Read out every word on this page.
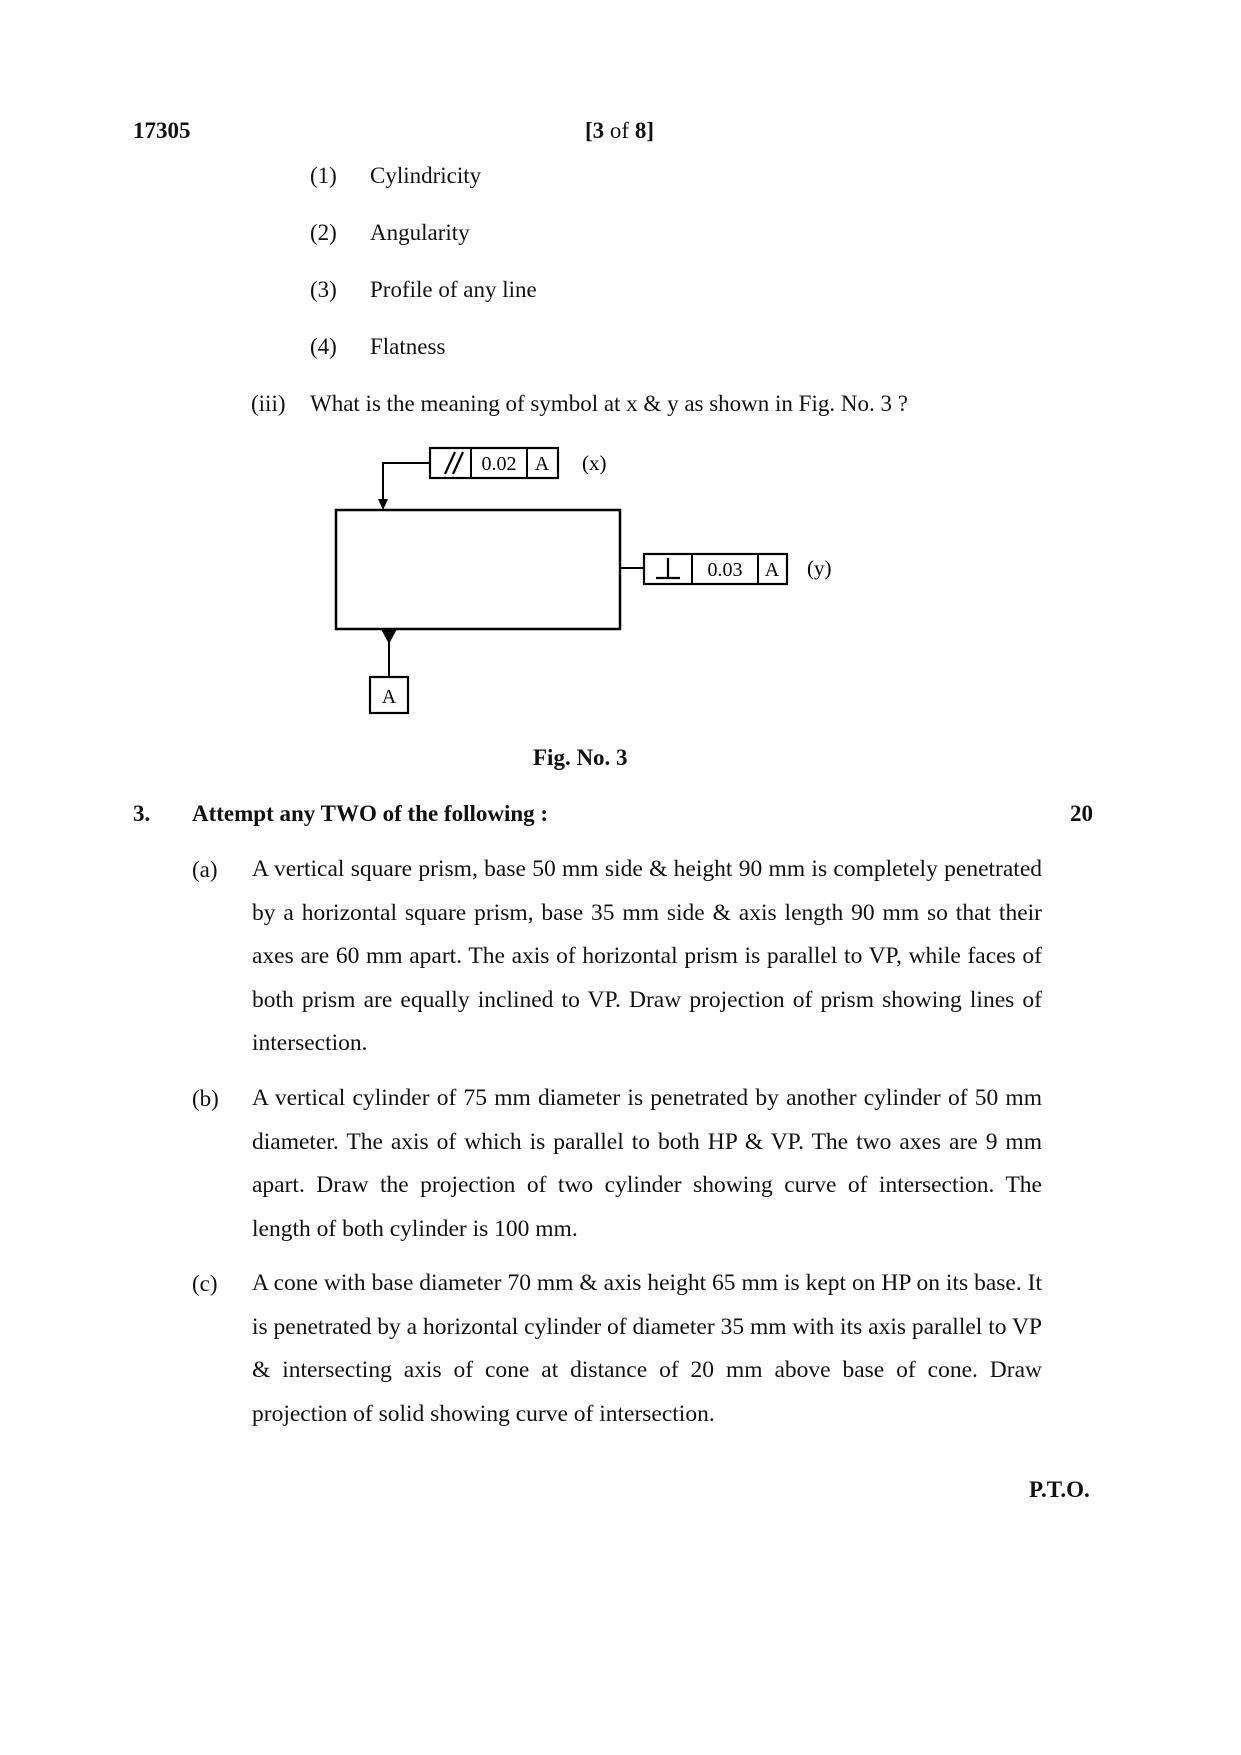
17305	[3 of 8]
(1) Cylindricity
(2) Angularity
(3) Profile of any line
(4) Flatness
(iii) What is the meaning of symbol at x & y as shown in Fig. No. 3 ?
0.02 A (x)
0.03 A (y)
A
Fig. No. 3
3. Attempt any TWO of the following :	20
(a) A vertical square prism, base 50 mm side & height 90 mm is completely penetrated by a horizontal square prism, base 35 mm side & axis length 90 mm so that their axes are 60 mm apart. The axis of horizontal prism is parallel to VP, while faces of both prism are equally inclined to VP. Draw projection of prism showing lines of intersection.
(b) A vertical cylinder of 75 mm diameter is penetrated by another cylinder of 50 mm diameter. The axis of which is parallel to both HP & VP. The two axes are 9 mm apart. Draw the projection of two cylinder showing curve of intersection. The length of both cylinder is 100 mm.
(c) A cone with base diameter 70 mm & axis height 65 mm is kept on HP on its base. It is penetrated by a horizontal cylinder of diameter 35 mm with its axis parallel to VP & intersecting axis of cone at distance of 20 mm above base of cone. Draw projection of solid showing curve of intersection.
P.T.O.
